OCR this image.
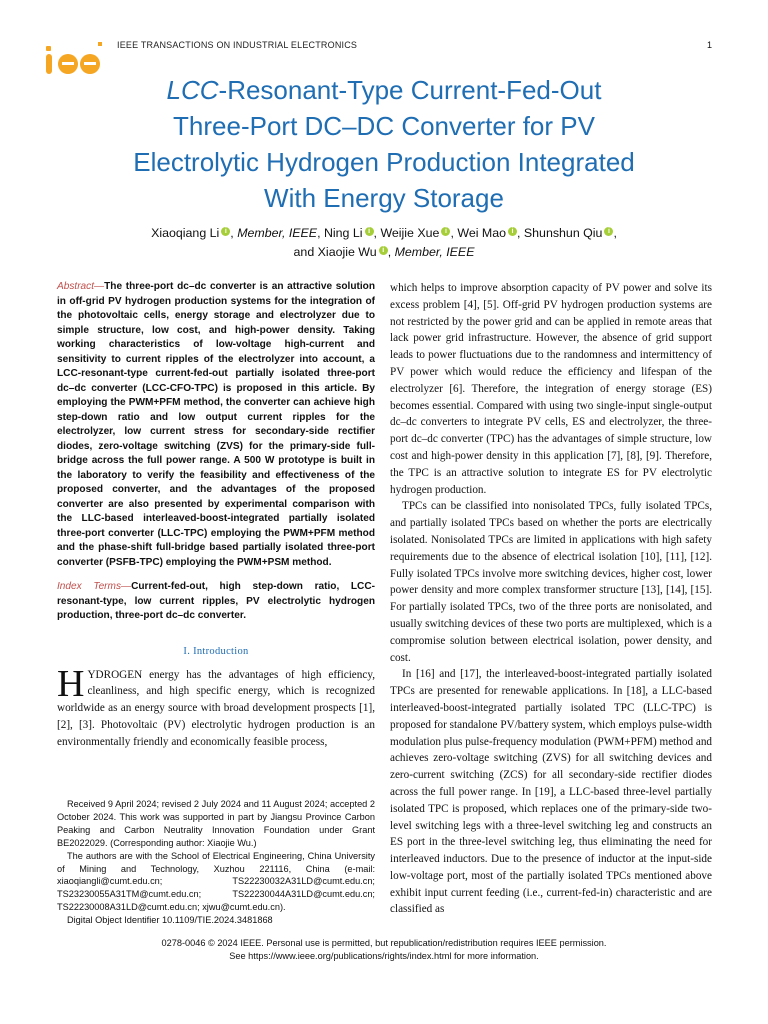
IEEE TRANSACTIONS ON INDUSTRIAL ELECTRONICS	1
LCC-Resonant-Type Current-Fed-Out
Three-Port DC–DC Converter for PV
Electrolytic Hydrogen Production Integrated
With Energy Storage
Xiaoqiang Li i , Member, IEEE, Ning Li i , Weijie Xue i , Wei Mao i , Shunshun Qiu i ,
and Xiaojie Wu i , Member, IEEE

Abstract—The three-port dc–dc converter is an attractive solution in off-grid PV hydrogen production systems for the integration of the photovoltaic cells, energy storage and electrolyzer due to simple structure, low cost, and high-power density. Taking working characteristics of low-voltage high-current and sensitivity to current ripples of the electrolyzer into account, a LCC-resonant-type current-fed-out partially isolated three-port dc–dc converter (LCC-CFO-TPC) is proposed in this article. By employing the PWM+PFM method, the converter can achieve high step-down ratio and low output current ripples for the electrolyzer, low current stress for secondary-side rectifier diodes, zero-voltage switching (ZVS) for the primary-side full-bridge across the full power range. A 500 W prototype is built in the laboratory to verify the feasibility and effectiveness of the proposed converter, and the advantages of the proposed converter are also presented by experimental comparison with the LLC-based interleaved-boost-integrated partially isolated three-port converter (LLC-TPC) employing the PWM+PFM method and the phase-shift full-bridge based partially isolated three-port converter (PSFB-TPC) employing the PWM+PSM method.

Index Terms—Current-fed-out, high step-down ratio, LCC-resonant-type, low current ripples, PV electrolytic hydrogen production, three-port dc–dc converter.

I. Introduction

HYDROGEN energy has the advantages of high efficiency, cleanliness, and high specific energy, which is recognized worldwide as an energy source with broad development prospects [1], [2], [3]. Photovoltaic (PV) electrolytic hydrogen production is an environmentally friendly and economically feasible process,

Received 9 April 2024; revised 2 July 2024 and 11 August 2024; accepted 2 October 2024. This work was supported in part by Jiangsu Province Carbon Peaking and Carbon Neutrality Innovation Foundation under Grant BE2022029. (Corresponding author: Xiaojie Wu.)

The authors are with the School of Electrical Engineering, China University of Mining and Technology, Xuzhou 221116, China (e-mail: xiaoqiangli@cumt.edu.cn; TS22230032A31LD@cumt.edu.cn; TS23230055A31TM@cumt.edu.cn; TS22230044A31LD@cumt.edu.cn; TS22230008A31LD@cumt.edu.cn; xjwu@cumt.edu.cn).

Digital Object Identifier 10.1109/TIE.2024.3481868

which helps to improve absorption capacity of PV power and solve its excess problem [4], [5]. Off-grid PV hydrogen production systems are not restricted by the power grid and can be applied in remote areas that lack power grid infrastructure. However, the absence of grid support leads to power fluctuations due to the randomness and intermittency of PV power which would reduce the efficiency and lifespan of the electrolyzer [6]. Therefore, the integration of energy storage (ES) becomes essential. Compared with using two single-input single-output dc–dc converters to integrate PV cells, ES and electrolyzer, the three-port dc–dc converter (TPC) has the advantages of simple structure, low cost and high-power density in this application [7], [8], [9]. Therefore, the TPC is an attractive solution to integrate ES for PV electrolytic hydrogen production.

TPCs can be classified into nonisolated TPCs, fully isolated TPCs, and partially isolated TPCs based on whether the ports are electrically isolated. Nonisolated TPCs are limited in applications with high safety requirements due to the absence of electrical isolation [10], [11], [12]. Fully isolated TPCs involve more switching devices, higher cost, lower power density and more complex transformer structure [13], [14], [15]. For partially isolated TPCs, two of the three ports are nonisolated, and usually switching devices of these two ports are multiplexed, which is a compromise solution between electrical isolation, power density, and cost.

In [16] and [17], the interleaved-boost-integrated partially isolated TPCs are presented for renewable applications. In [18], a LLC-based interleaved-boost-integrated partially isolated TPC (LLC-TPC) is proposed for standalone PV/battery system, which employs pulse-width modulation plus pulse-frequency modulation (PWM+PFM) method and achieves zero-voltage switching (ZVS) for all switching devices and zero-current switching (ZCS) for all secondary-side rectifier diodes across the full power range. In [19], a LLC-based three-level partially isolated TPC is proposed, which replaces one of the primary-side two-level switching legs with a three-level switching leg and constructs an ES port in the three-level switching leg, thus eliminating the need for interleaved inductors. Due to the presence of inductor at the input-side low-voltage port, most of the partially isolated TPCs mentioned above exhibit input current feeding (i.e., current-fed-in) characteristic and are classified as

0278-0046 © 2024 IEEE. Personal use is permitted, but republication/redistribution requires IEEE permission.
See https://www.ieee.org/publications/rights/index.html for more information.
